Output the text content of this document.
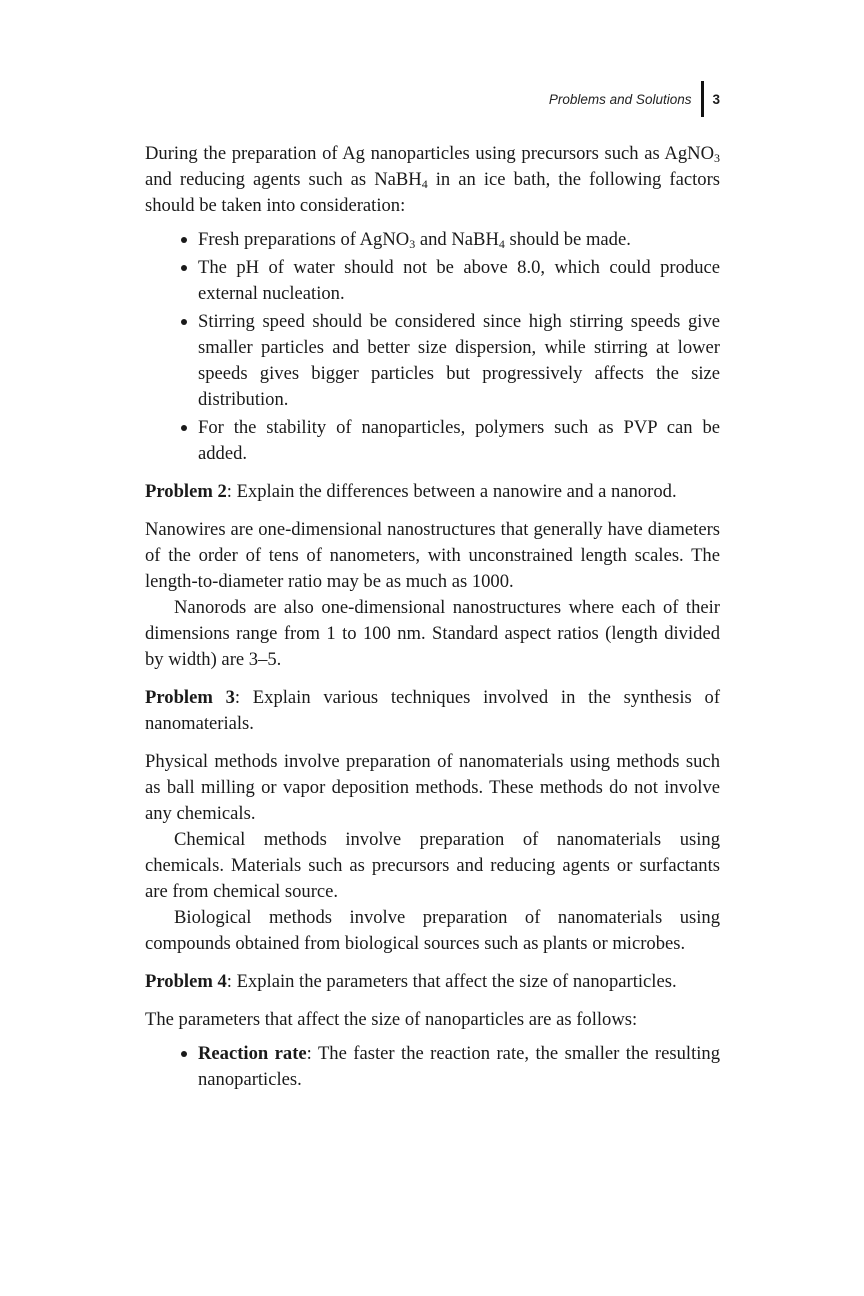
Problems and Solutions	3

During the preparation of Ag nanoparticles using precursors such as AgNO$_3$ and reducing agents such as NaBH$_4$ in an ice bath, the following factors should be taken into consideration:

Fresh preparations of AgNO$_3$ and NaBH$_4$ should be made.
The pH of water should not be above 8.0, which could produce external nucleation.
Stirring speed should be considered since high stirring speeds give smaller particles and better size dispersion, while stirring at lower speeds gives bigger particles but progressively affects the size distribution.
For the stability of nanoparticles, polymers such as PVP can be added.

Problem 2: Explain the differences between a nanowire and a nanorod.

Nanowires are one-dimensional nanostructures that generally have diameters of the order of tens of nanometers, with unconstrained length scales. The length-to-diameter ratio may be as much as 1000.

Nanorods are also one-dimensional nanostructures where each of their dimensions range from 1 to 100 nm. Standard aspect ratios (length divided by width) are 3–5.

Problem 3: Explain various techniques involved in the synthesis of nanomaterials.

Physical methods involve preparation of nanomaterials using methods such as ball milling or vapor deposition methods. These methods do not involve any chemicals.

Chemical methods involve preparation of nanomaterials using chemicals. Materials such as precursors and reducing agents or surfactants are from chemical source.

Biological methods involve preparation of nanomaterials using compounds obtained from biological sources such as plants or microbes.

Problem 4: Explain the parameters that affect the size of nanoparticles.

The parameters that affect the size of nanoparticles are as follows:

Reaction rate: The faster the reaction rate, the smaller the resulting nanoparticles.
